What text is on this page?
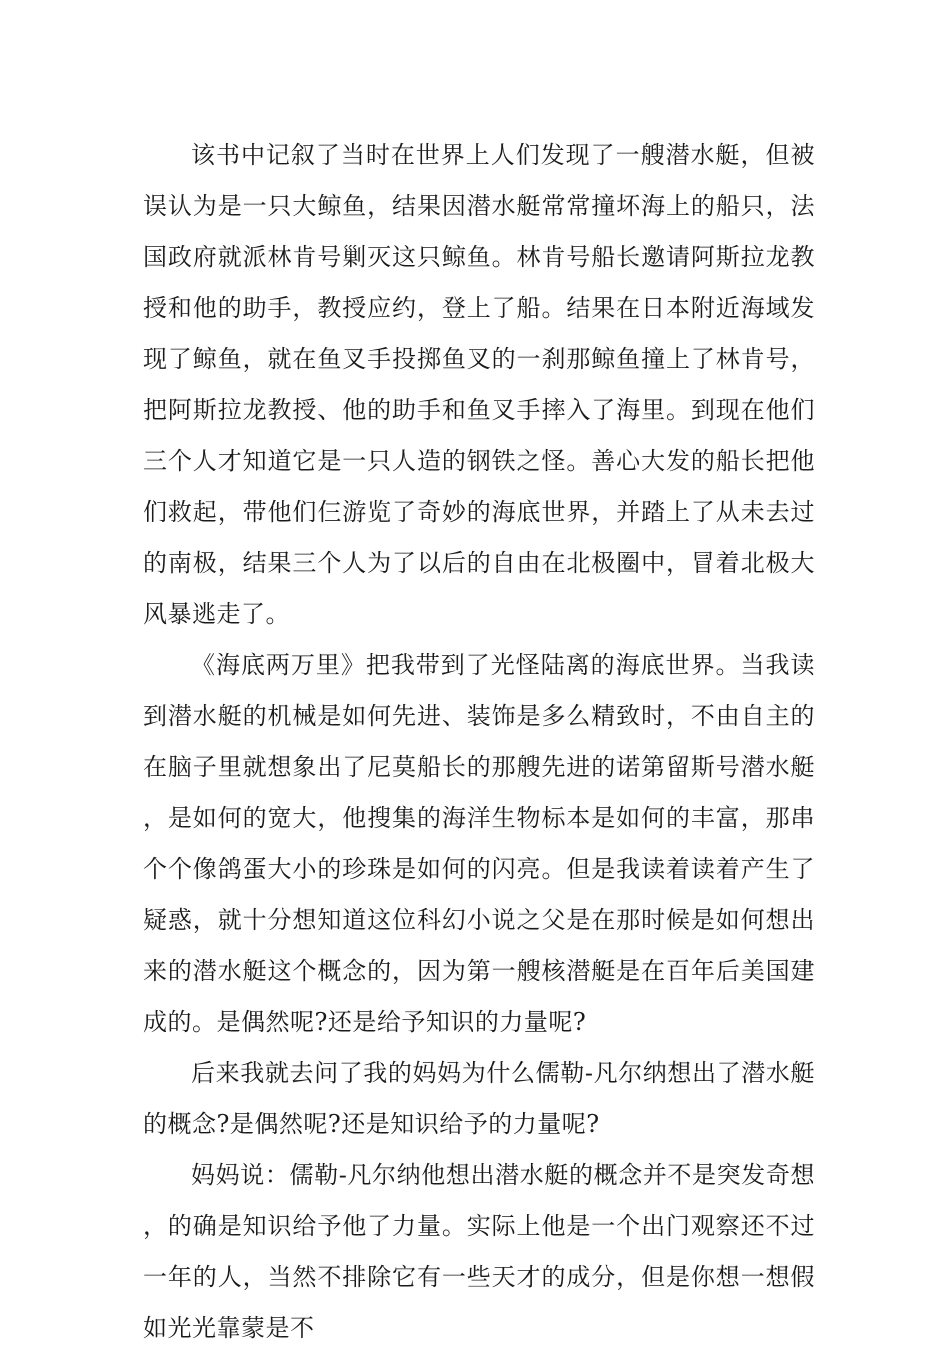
该书中记叙了当时在世界上人们发现了一艘潜水艇，但被误认为是一只大鲸鱼，结果因潜水艇常常撞坏海上的船只，法国政府就派林肯号剿灭这只鲸鱼。林肯号船长邀请阿斯拉龙教授和他的助手，教授应约，登上了船。结果在日本附近海域发现了鲸鱼，就在鱼叉手投掷鱼叉的一刹那鲸鱼撞上了林肯号，把阿斯拉龙教授、他的助手和鱼叉手摔入了海里。到现在他们三个人才知道它是一只人造的钢铁之怪。善心大发的船长把他们救起，带他们仨游览了奇妙的海底世界，并踏上了从未去过的南极，结果三个人为了以后的自由在北极圈中，冒着北极大风暴逃走了。

《海底两万里》把我带到了光怪陆离的海底世界。当我读到潜水艇的机械是如何先进、装饰是多么精致时，不由自主的在脑子里就想象出了尼莫船长的那艘先进的诺第留斯号潜水艇，是如何的宽大，他搜集的海洋生物标本是如何的丰富，那串个个像鸽蛋大小的珍珠是如何的闪亮。但是我读着读着产生了疑惑，就十分想知道这位科幻小说之父是在那时候是如何想出来的潜水艇这个概念的，因为第一艘核潜艇是在百年后美国建成的。是偶然呢?还是给予知识的力量呢?

后来我就去问了我的妈妈为什么儒勒-凡尔纳想出了潜水艇的概念?是偶然呢?还是知识给予的力量呢?

妈妈说：儒勒-凡尔纳他想出潜水艇的概念并不是突发奇想，的确是知识给予他了力量。实际上他是一个出门观察还不过一年的人，当然不排除它有一些天才的成分，但是你想一想假如光光靠蒙是不
